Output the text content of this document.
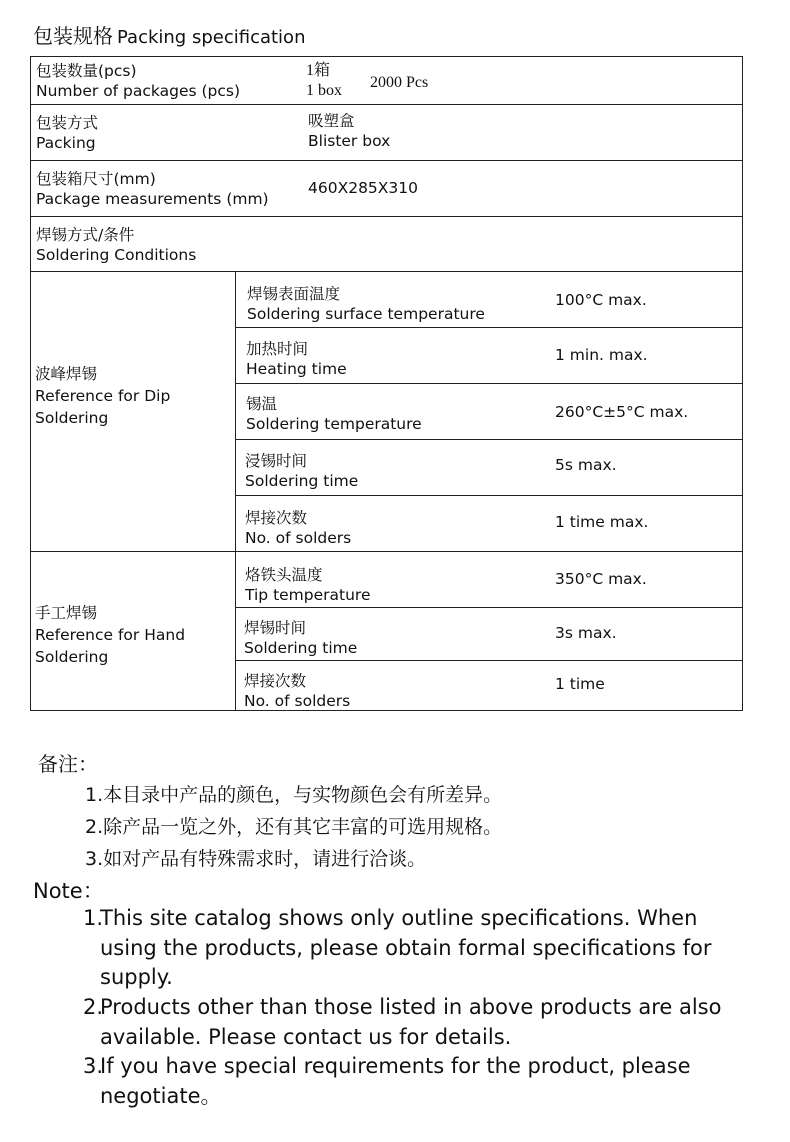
包装规格 Packing specification
包装数量(pcs)
Number of packages (pcs)
1箱
1 box 2000 Pcs
包装方式
Packing
吸塑盒
Blister box
包装箱尺寸(mm)
Package measurements (mm)
460X285X310
焊锡方式/条件
Soldering Conditions
波峰焊锡
Reference for Dip
Soldering
焊锡表面温度
Soldering surface temperature
100°C max.
加热时间
Heating time
1 min. max.
锡温
Soldering temperature
260°C±5°C max.
浸锡时间
Soldering time
5s max.
焊接次数
No. of solders
1 time max.
手工焊锡
Reference for Hand
Soldering
烙铁头温度
Tip temperature
350°C max.
焊锡时间
Soldering time
3s max.
焊接次数
No. of solders
1 time
备注：
1.本目录中产品的颜色，与实物颜色会有所差异。
2.除产品一览之外，还有其它丰富的可选用规格。
3.如对产品有特殊需求时，请进行洽谈。
Note：
1.
This site catalog shows only outline specifications. When using the products, please obtain formal specifications for supply.
2.
Products other than those listed in above products are also available. Please contact us for details.
3.
If you have special requirements for the product, please negotiate。
